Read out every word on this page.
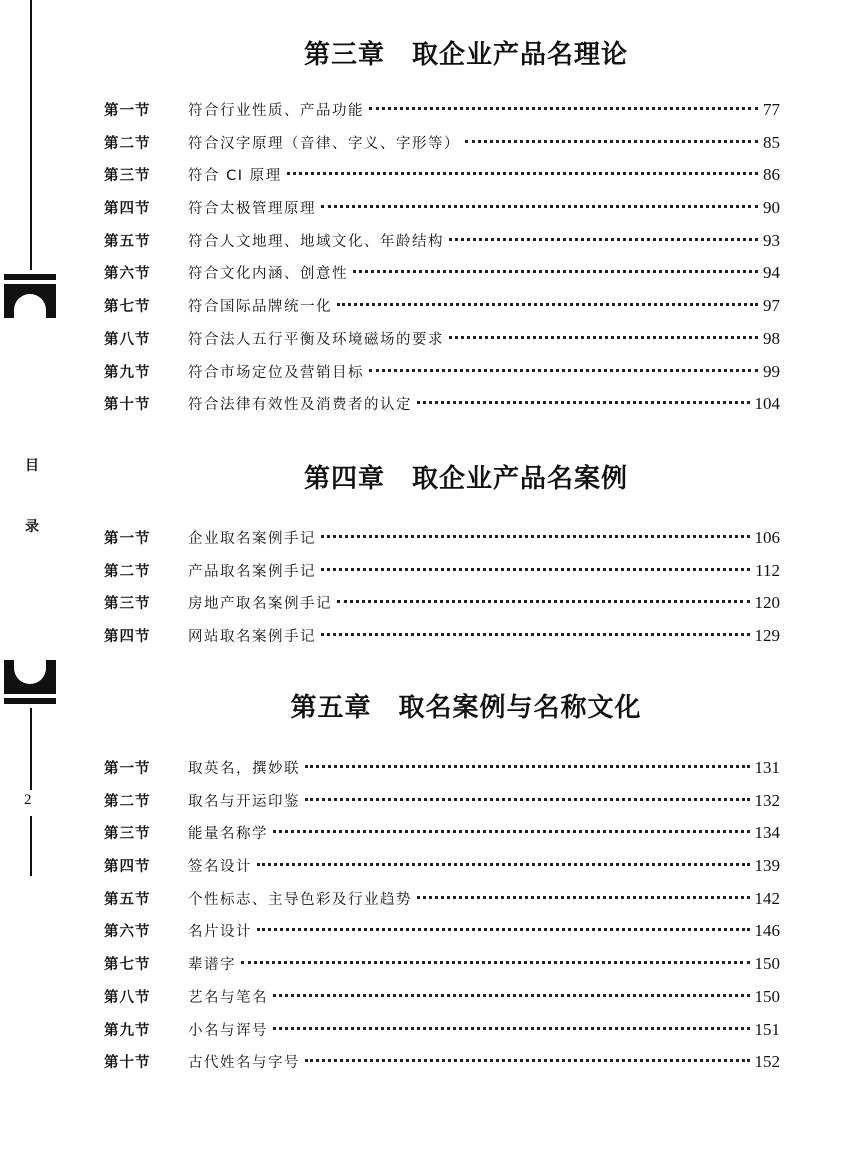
目
录
2
第三章　取企业产品名理论
第一节	符合行业性质、产品功能	77
第二节	符合汉字原理（音律、字义、字形等）	85
第三节	符合 CI 原理	86
第四节	符合太极管理原理	90
第五节	符合人文地理、地域文化、年龄结构	93
第六节	符合文化内涵、创意性	94
第七节	符合国际品牌统一化	97
第八节	符合法人五行平衡及环境磁场的要求	98
第九节	符合市场定位及营销目标	99
第十节	符合法律有效性及消费者的认定	104
第四章　取企业产品名案例
第一节	企业取名案例手记	106
第二节	产品取名案例手记	112
第三节	房地产取名案例手记	120
第四节	网站取名案例手记	129
第五章　取名案例与名称文化
第一节	取英名，撰妙联	131
第二节	取名与开运印鉴	132
第三节	能量名称学	134
第四节	签名设计	139
第五节	个性标志、主导色彩及行业趋势	142
第六节	名片设计	146
第七节	辈谱字	150
第八节	艺名与笔名	150
第九节	小名与诨号	151
第十节	古代姓名与字号	152
